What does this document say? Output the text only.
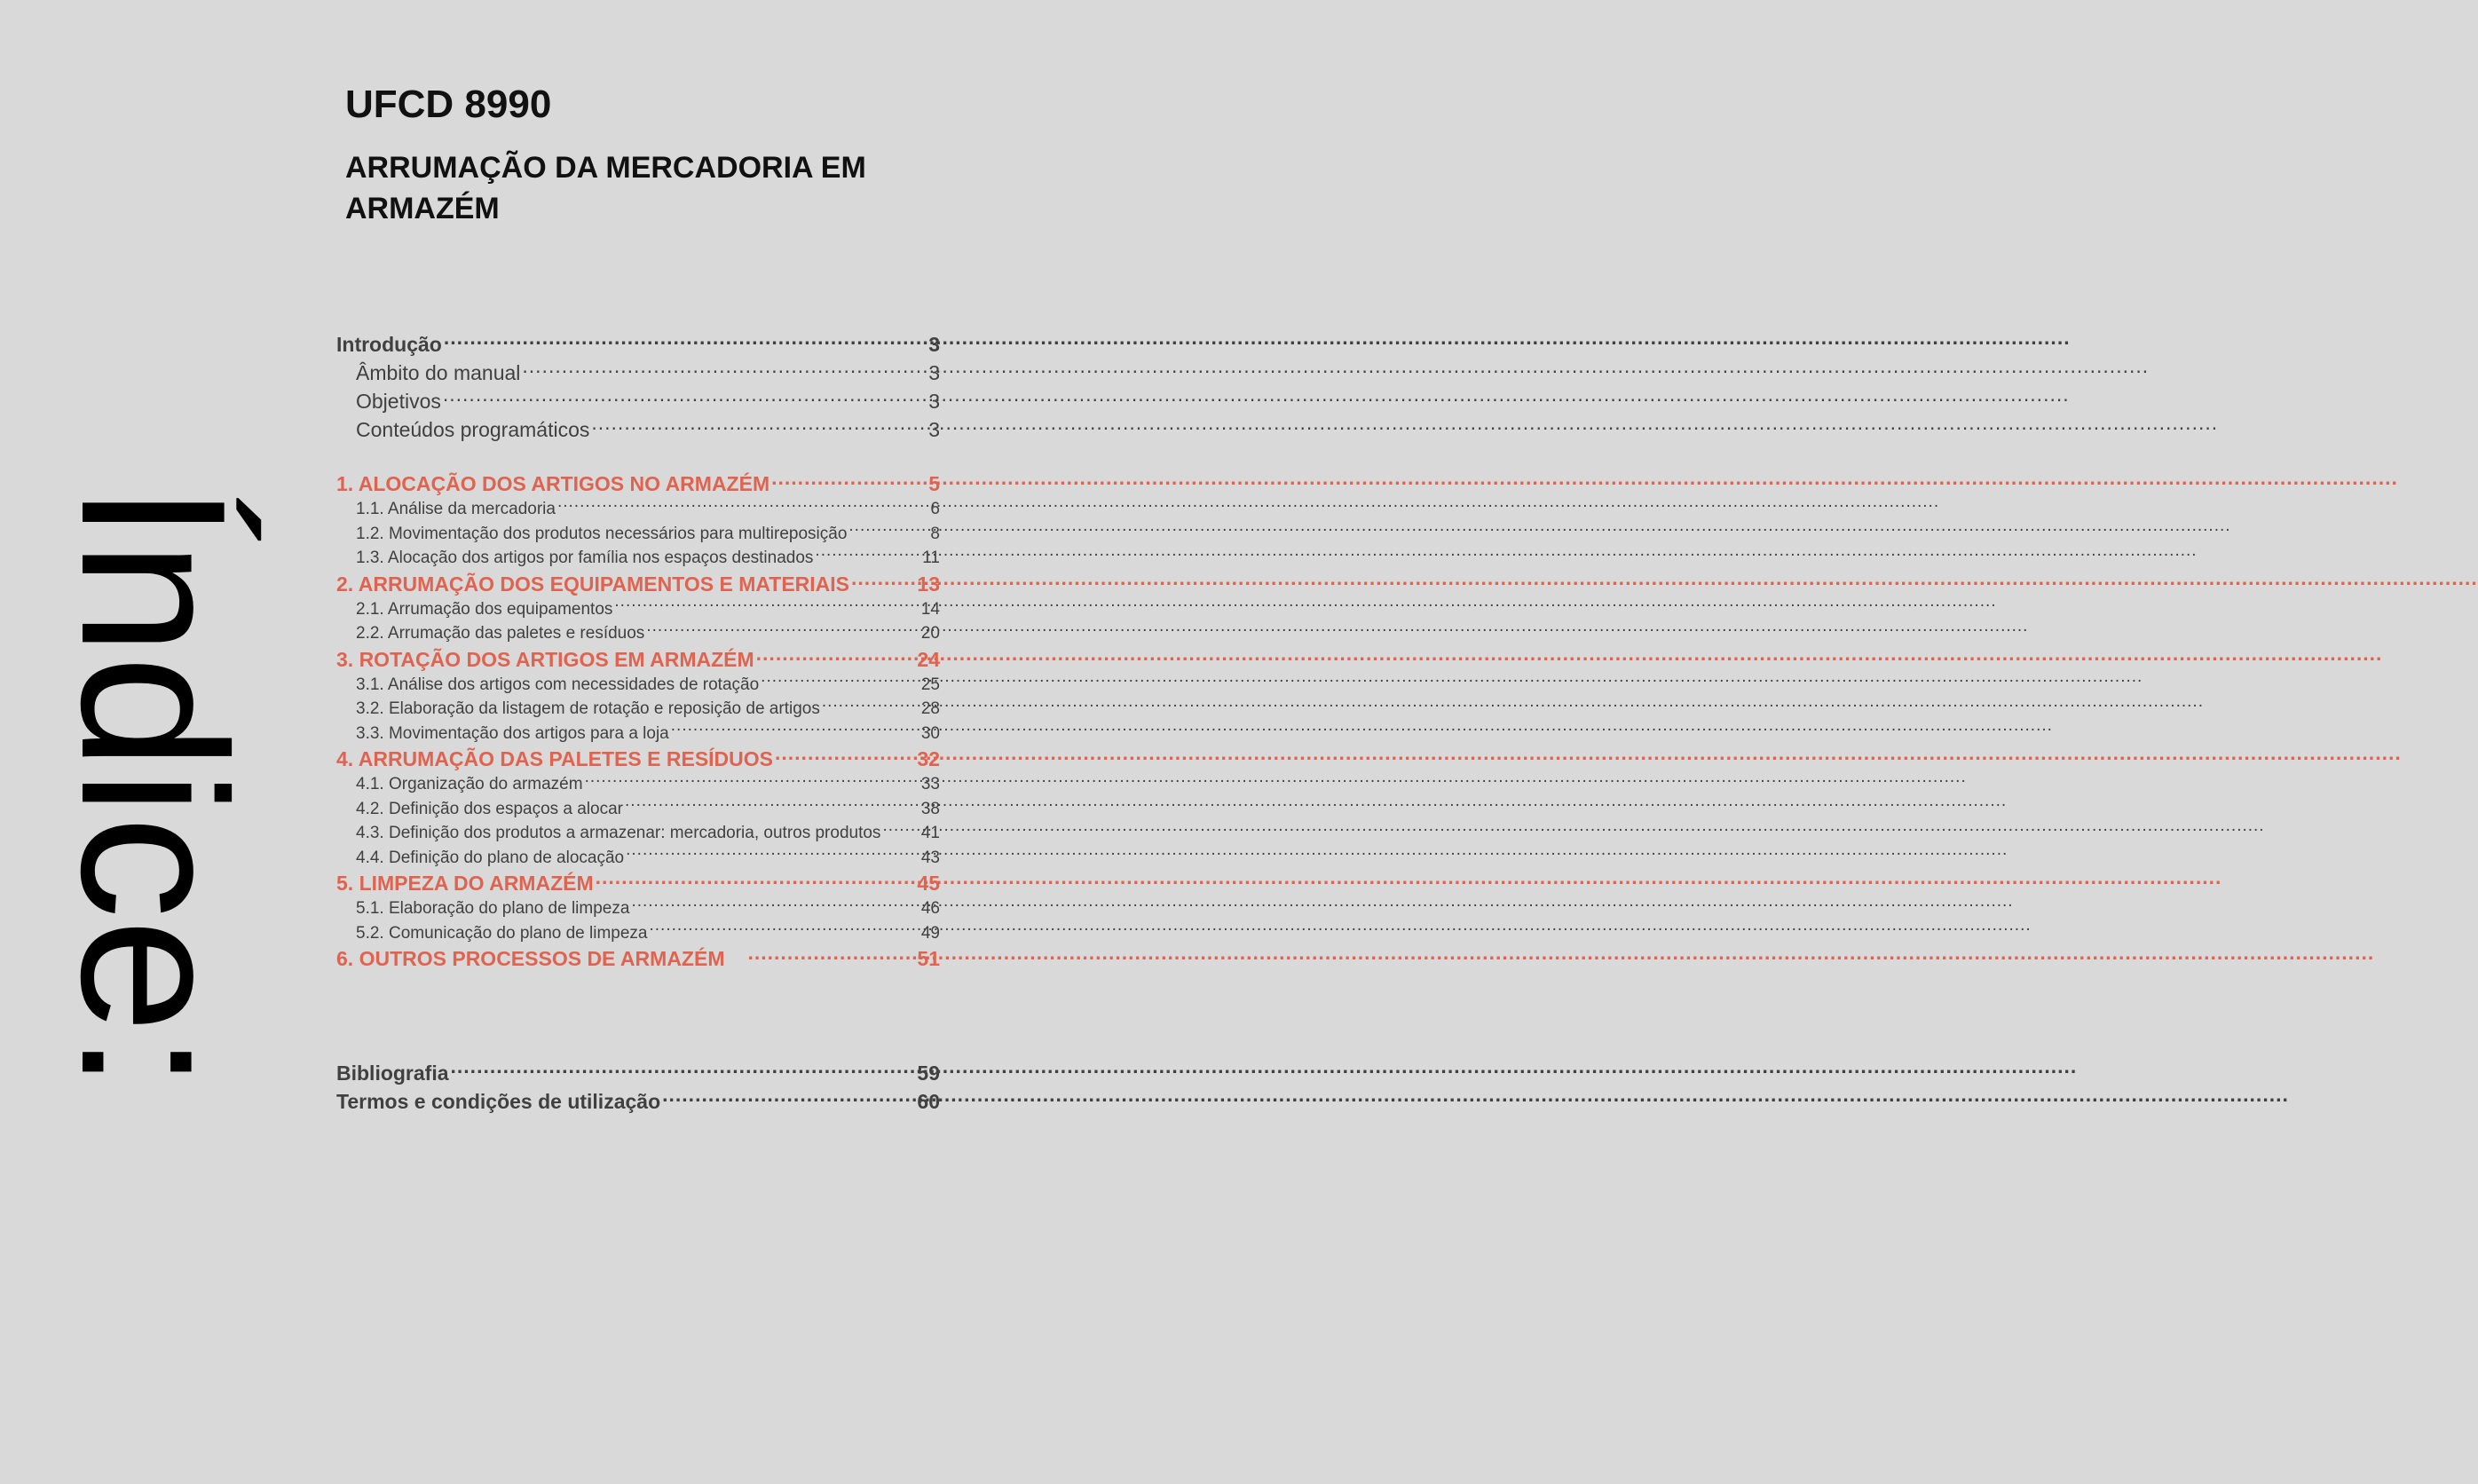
Índice:
UFCD 8990
ARRUMAÇÃO DA MERCADORIA EM ARMAZÉM
Introdução .....	3
Âmbito do manual .....	3
Objetivos .....	3
Conteúdos programáticos .....	3
1. ALOCAÇÃO DOS ARTIGOS NO ARMAZÉM .....	5
1.1. Análise da mercadoria .....	6
1.2. Movimentação dos produtos necessários para multireposição .....	8
1.3. Alocação dos artigos por família nos espaços destinados .....	11
2. ARRUMAÇÃO DOS EQUIPAMENTOS E MATERIAIS .....	13
2.1. Arrumação dos equipamentos .....	14
2.2. Arrumação das paletes e resíduos .....	20
3. ROTAÇÃO DOS ARTIGOS EM ARMAZÉM .....	24
3.1. Análise dos artigos com necessidades de rotação .....	25
3.2. Elaboração da listagem de rotação e reposição de artigos .....	28
3.3. Movimentação dos artigos para a loja .....	30
4. ARRUMAÇÃO DAS PALETES E RESÍDUOS .....	32
4.1. Organização do armazém .....	33
4.2. Definição dos espaços a alocar .....	38
4.3. Definição dos produtos a armazenar: mercadoria, outros produtos ..... 41
4.4. Definição do plano de alocação .....	43
5. LIMPEZA DO ARMAZÉM .....	45
5.1. Elaboração do plano de limpeza .....	46
5.2. Comunicação do plano de limpeza .....	49
6. OUTROS PROCESSOS DE ARMAZÉM .....	51
Bibliografia .....	59
Termos e condições de utilização .....	60
